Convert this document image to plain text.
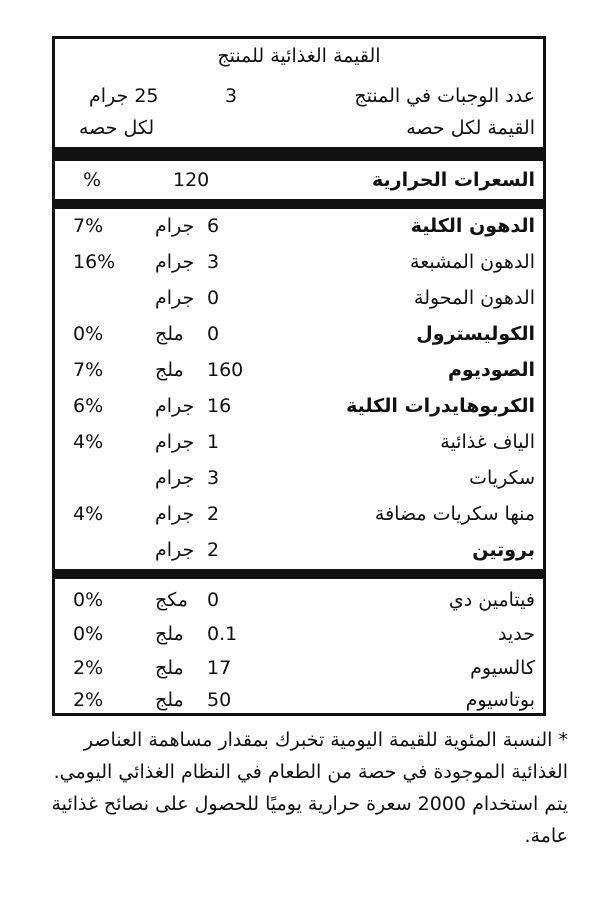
القيمة الغذائية للمنتج
عدد الوجبات في المنتج
3
25 جرام
القيمة لكل حصه
لكل حصه
السعرات الحرارية
120
%
الدهون الكلية
6
جرام
7%
الدهون المشبعة
3
جرام
16%
الدهون المحولة
0
جرام
الكوليسترول
0
ملج
0%
الصوديوم
160
ملج
7%
الكربوهايدرات الكلية
16
جرام
6%
الياف غذائية
1
جرام
4%
سكريات
3
جرام
منها سكريات مضافة
2
جرام
4%
بروتين
2
جرام
فيتامين دي
0
مكج
0%
حديد
0.1
ملج
0%
كالسيوم
17
ملج
2%
بوتاسيوم
50
ملج
2%
* النسبة المئوية للقيمة اليومية تخبرك بمقدار مساهمة العناصر الغذائية الموجودة في حصة من الطعام في النظام الغذائي اليومي. يتم استخدام 2000 سعرة حرارية يوميًا للحصول على نصائح غذائية عامة.
